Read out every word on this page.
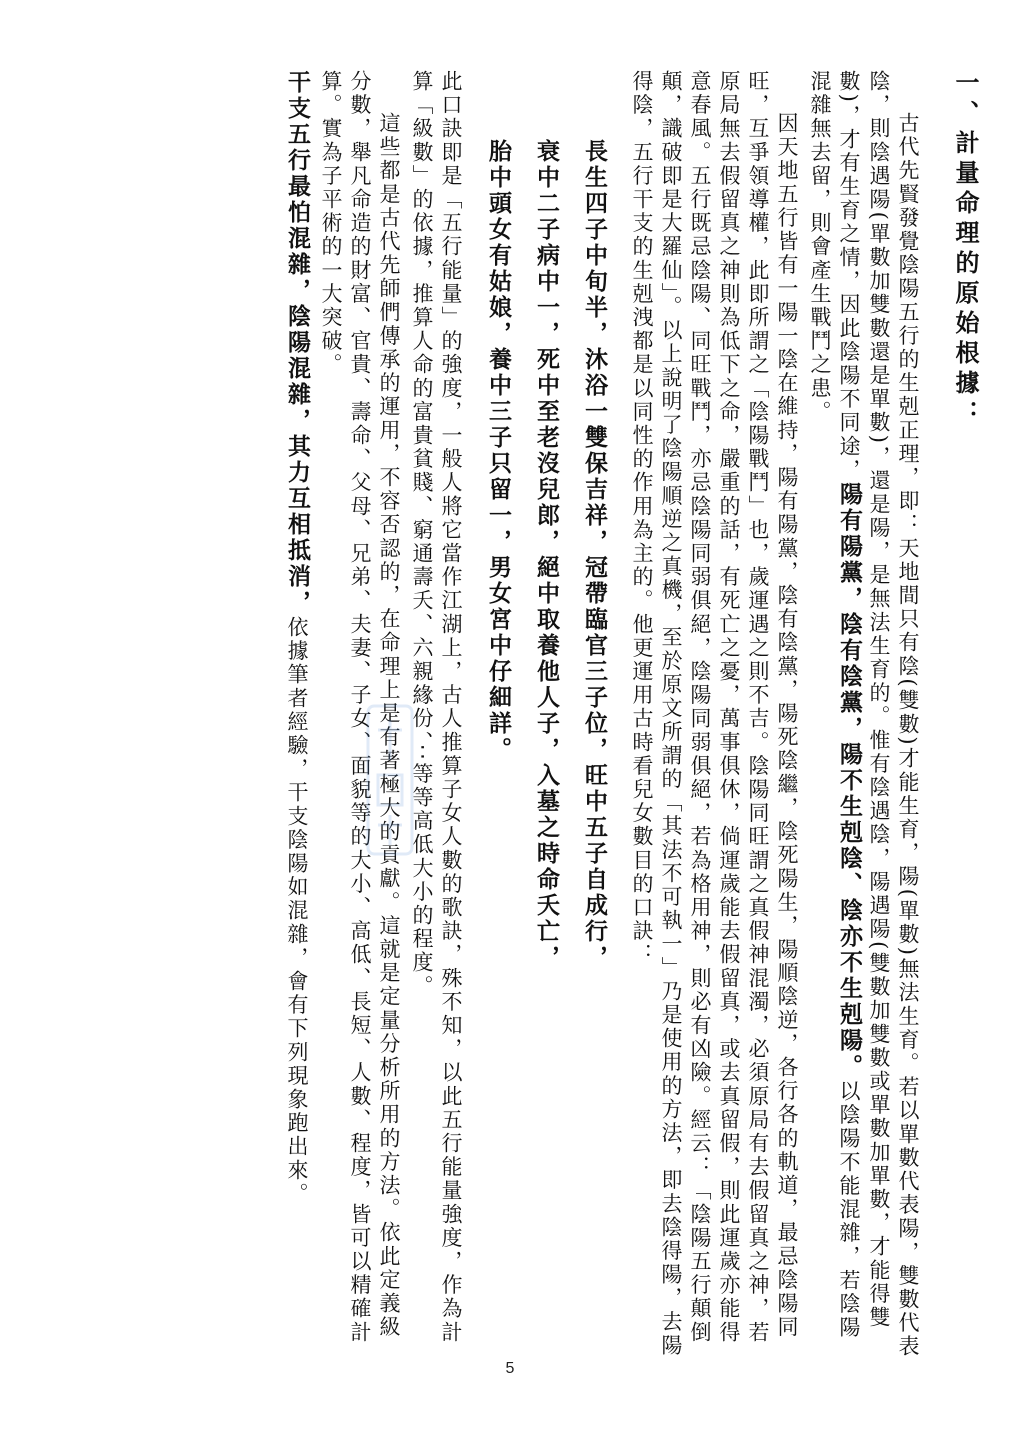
一、計量命理的原始根據：

古代先賢發覺陰陽五行的生剋正理，即：天地間只有陰(雙數)才能生育，陽(單數)無法生育。若以單數代表陽，雙數代表陰，則陰遇陽(單數加雙數還是單數)，還是陽，是無法生育的。惟有陰遇陰，陽遇陽(雙數加雙數或單數加單數，才能得雙數)，才有生育之情，因此陰陽不同途，陽有陽黨，陰有陰黨，陽不生剋陰、陰亦不生剋陽。以陰陽不能混雜，若陰陽混雜無去留，則會產生戰鬥之患。

因天地五行皆有一陽一陰在維持，陽有陽黨，陰有陰黨，陽死陰繼，陰死陽生，陽順陰逆，各行各的軌道，最忌陰陽同旺，互爭領導權，此即所謂之「陰陽戰鬥」也，歲運遇之則不吉。陰陽同旺謂之真假神混濁，必須原局有去假留真之神，若原局無去假留真之神則為低下之命，嚴重的話，有死亡之憂，萬事俱休，倘運歲能去假留真，或去真留假，則此運歲亦能得意春風。五行既忌陰陽、同旺戰鬥，亦忌陰陽同弱俱絕，陰陽同弱俱絕，若為格用神，則必有凶險。經云：「陰陽五行顛倒顛，識破即是大羅仙」。以上說明了陰陽順逆之真機，至於原文所謂的「其法不可執一」乃是使用的方法，即去陰得陽，去陽得陰，五行干支的生剋洩都是以同性的作用為主的。他更運用古時看兒女數目的口訣：

長生四子中旬半，沐浴一雙保吉祥，冠帶臨官三子位，旺中五子自成行，

衰中二子病中一，死中至老沒兒郎，絕中取養他人子，入墓之時命夭亡，

胎中頭女有姑娘，養中三子只留一，男女宮中仔細詳。

此口訣即是「五行能量」的強度，一般人將它當作江湖上，古人推算子女人數的歌訣，殊不知，以此五行能量強度，作為計算「級數」的依據，推算人命的富貴貧賤、窮通壽夭、六親緣份、‧‧等等高低大小的程度。

這些都是古代先師們傳承的運用，不容否認的，在命理上是有著極大的貢獻。這就是定量分析所用的方法。依此定義級分數，舉凡命造的財富、官貴、壽命、父母、兄弟、夫妻、子女、面貌等的大小、高低、長短、人數、程度，皆可以精確計算。實為子平術的一大突破。

干支五行最怕混雜，陰陽混雜，其力互相抵消，依據筆者經驗，干支陰陽如混雜，會有下列現象跑出來。

5
